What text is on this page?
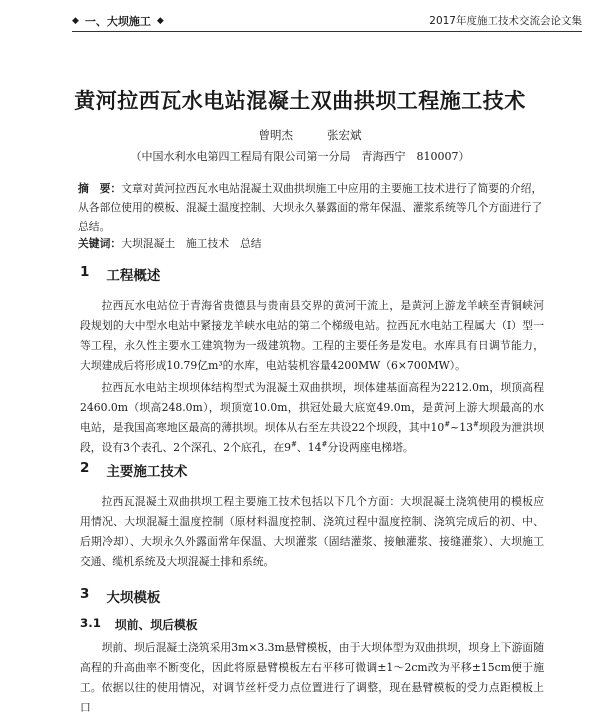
◆ 一、大坝施工 ◆	2017年度施工技术交流会论文集
黄河拉西瓦水电站混凝土双曲拱坝工程施工技术
曾明杰	张宏斌
（中国水利水电第四工程局有限公司第一分局　青海西宁　810007）
摘　要：文章对黄河拉西瓦水电站混凝土双曲拱坝施工中应用的主要施工技术进行了简要的介绍，从各部位使用的模板、混凝土温度控制、大坝永久暴露面的常年保温、灌浆系统等几个方面进行了总结。
关键词：大坝混凝土　施工技术　总结
1 工程概述
拉西瓦水电站位于青海省贵德县与贵南县交界的黄河干流上，是黄河上游龙羊峡至青铜峡河段规划的大中型水电站中紧接龙羊峡水电站的第二个梯级电站。拉西瓦水电站工程属大（Ⅰ）型一等工程，永久性主要水工建筑物为一级建筑物。工程的主要任务是发电。水库具有日调节能力，大坝建成后将形成10.79亿m³的水库，电站装机容量4200MW（6×700MW）。
拉西瓦水电站主坝坝体结构型式为混凝土双曲拱坝，坝体建基面高程为2212.0m，坝顶高程2460.0m（坝高248.0m），坝顶宽10.0m，拱冠处最大底宽49.0m，是黄河上游大坝最高的水电站，是我国高寒地区最高的薄拱坝。坝体从右至左共设22个坝段，其中10#~13#坝段为泄洪坝段，设有3个表孔、2个深孔、2个底孔，在9#、14#分设两座电梯塔。
2 主要施工技术
拉西瓦混凝土双曲拱坝工程主要施工技术包括以下几个方面：大坝混凝土浇筑使用的模板应用情况、大坝混凝土温度控制（原材料温度控制、浇筑过程中温度控制、浇筑完成后的初、中、后期冷却）、大坝永久外露面常年保温、大坝灌浆（固结灌浆、接触灌浆、接缝灌浆）、大坝施工交通、缆机系统及大坝混凝土排和系统。
3 大坝模板
3.1 坝前、坝后模板
坝前、坝后混凝土浇筑采用3m×3.3m悬臂模板，由于大坝体型为双曲拱坝，坝身上下游面随高程的升高曲率不断变化，因此将原悬臂模板左右平移可微调±1～2cm改为平移±15cm便于施工。 依据以往的使用情况，对调节丝杆受力点位置进行了调整，现在悬臂模板的受力点距模板上口
